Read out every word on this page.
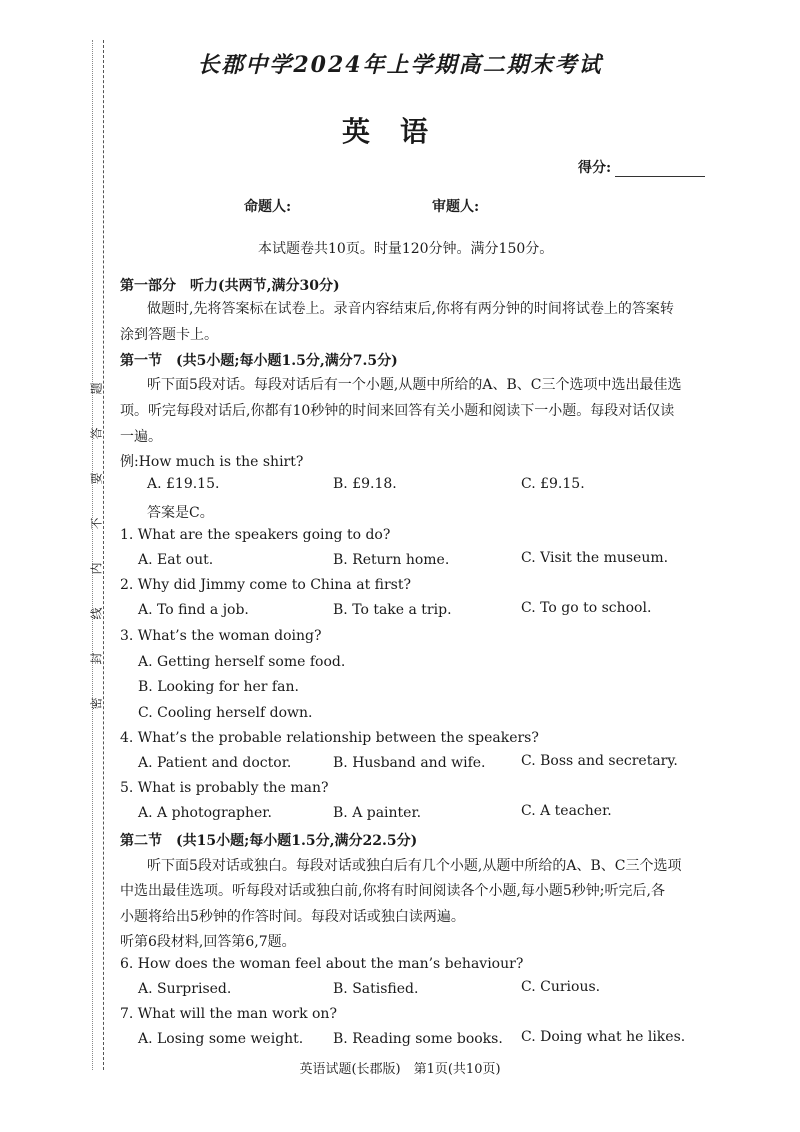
题
答
要
不
内
线
封
密
长郡中学2024年上学期高二期末考试
英语
得分:
命题人:	审题人:
本试题卷共10页。时量120分钟。满分150分。
第一部分　听力(共两节,满分30分)
做题时,先将答案标在试卷上。录音内容结束后,你将有两分钟的时间将试卷上的答案转
涂到答题卡上。
第一节　(共5小题;每小题1.5分,满分7.5分)
听下面5段对话。每段对话后有一个小题,从题中所给的A、B、C三个选项中选出最佳选
项。听完每段对话后,你都有10秒钟的时间来回答有关小题和阅读下一小题。每段对话仅读
一遍。
例:How much is the shirt?
A. £19.15.	B. £9.18.	C. £9.15.
答案是C。
1. What are the speakers going to do?
A. Eat out.	B. Return home.	C. Visit the museum.
2. Why did Jimmy come to China at first?
A. To find a job.	B. To take a trip.	C. To go to school.
3. What’s the woman doing?
A. Getting herself some food.
B. Looking for her fan.
C. Cooling herself down.
4. What’s the probable relationship between the speakers?
A. Patient and doctor.	B. Husband and wife.	C. Boss and secretary.
5. What is probably the man?
A. A photographer.	B. A painter.	C. A teacher.
第二节　(共15小题;每小题1.5分,满分22.5分)
听下面5段对话或独白。每段对话或独白后有几个小题,从题中所给的A、B、C三个选项
中选出最佳选项。听每段对话或独白前,你将有时间阅读各个小题,每小题5秒钟;听完后,各
小题将给出5秒钟的作答时间。每段对话或独白读两遍。
听第6段材料,回答第6,7题。
6. How does the woman feel about the man’s behaviour?
A. Surprised.	B. Satisfied.	C. Curious.
7. What will the man work on?
A. Losing some weight. B. Reading some books. C. Doing what he likes.
英语试题(长郡版)　第1页(共10页)
